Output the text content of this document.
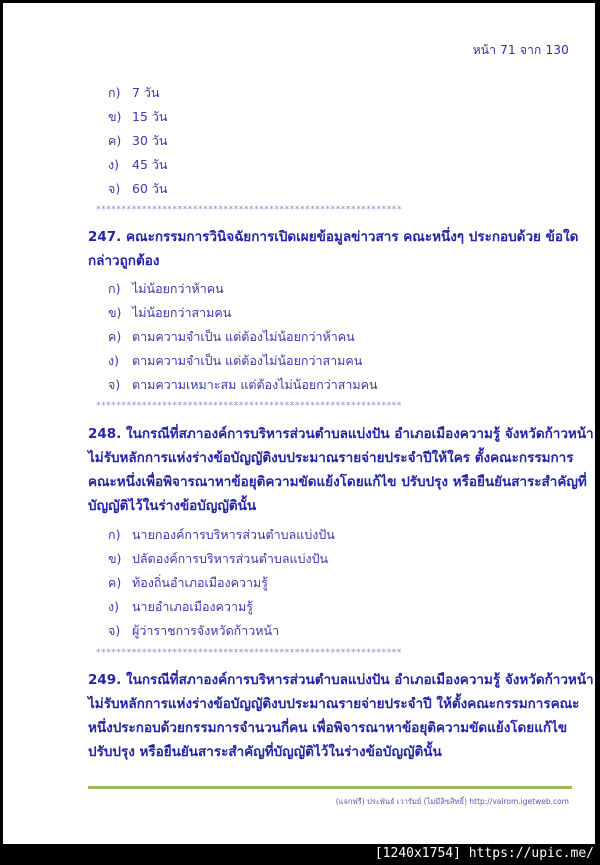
หน้า 71 จาก 130
ก) 7 วัน
ข) 15 วัน
ค) 30 วัน
ง) 45 วัน
จ) 60 วัน
************************************************************
247. คณะกรรมการวินิจฉัยการเปิดเผยข้อมูลข่าวสาร คณะหนึ่งๆ ประกอบด้วย ข้อใด
กล่าวถูกต้อง
ก) ไม่น้อยกว่าห้าคน
ข) ไม่น้อยกว่าสามคน
ค) ตามความจำเป็น แต่ต้องไม่น้อยกว่าห้าคน
ง) ตามความจำเป็น แต่ต้องไม่น้อยกว่าสามคน
จ) ตามความเหมาะสม แต่ต้องไม่น้อยกว่าสามคน
************************************************************
248. ในกรณีที่สภาองค์การบริหารส่วนตำบลแบ่งปัน อำเภอเมืองความรู้ จังหวัดก้าวหน้า
ไม่รับหลักการแห่งร่างข้อบัญญัติงบประมาณรายจ่ายประจำปีให้ใคร ตั้งคณะกรรมการ
คณะหนึ่งเพื่อพิจารณาหาข้อยุติความขัดแย้งโดยแก้ไข ปรับปรุง หรือยืนยันสาระสำคัญที่
บัญญัติไว้ในร่างข้อบัญญัตินั้น
ก) นายกองค์การบริหารส่วนตำบลแบ่งปัน
ข) ปลัดองค์การบริหารส่วนตำบลแบ่งปัน
ค) ท้องถิ่นอำเภอเมืองความรู้
ง) นายอำเภอเมืองความรู้
จ) ผู้ว่าราชการจังหวัดก้าวหน้า
************************************************************
249. ในกรณีที่สภาองค์การบริหารส่วนตำบลแบ่งปัน อำเภอเมืองความรู้ จังหวัดก้าวหน้า
ไม่รับหลักการแห่งร่างข้อบัญญัติงบประมาณรายจ่ายประจำปี ให้ตั้งคณะกรรมการคณะ
หนึ่งประกอบด้วยกรรมการจำนวนกี่คน เพื่อพิจารณาหาข้อยุติความขัดแย้งโดยแก้ไข
ปรับปรุง หรือยืนยันสาระสำคัญที่บัญญัติไว้ในร่างข้อบัญญัตินั้น
(แจกฟรี) ประพันธ์ เวารัมย์ (ไม่มีลิขสิทธิ์) http://valrom.igetweb.com
[1240x1754] https://upic.me/
